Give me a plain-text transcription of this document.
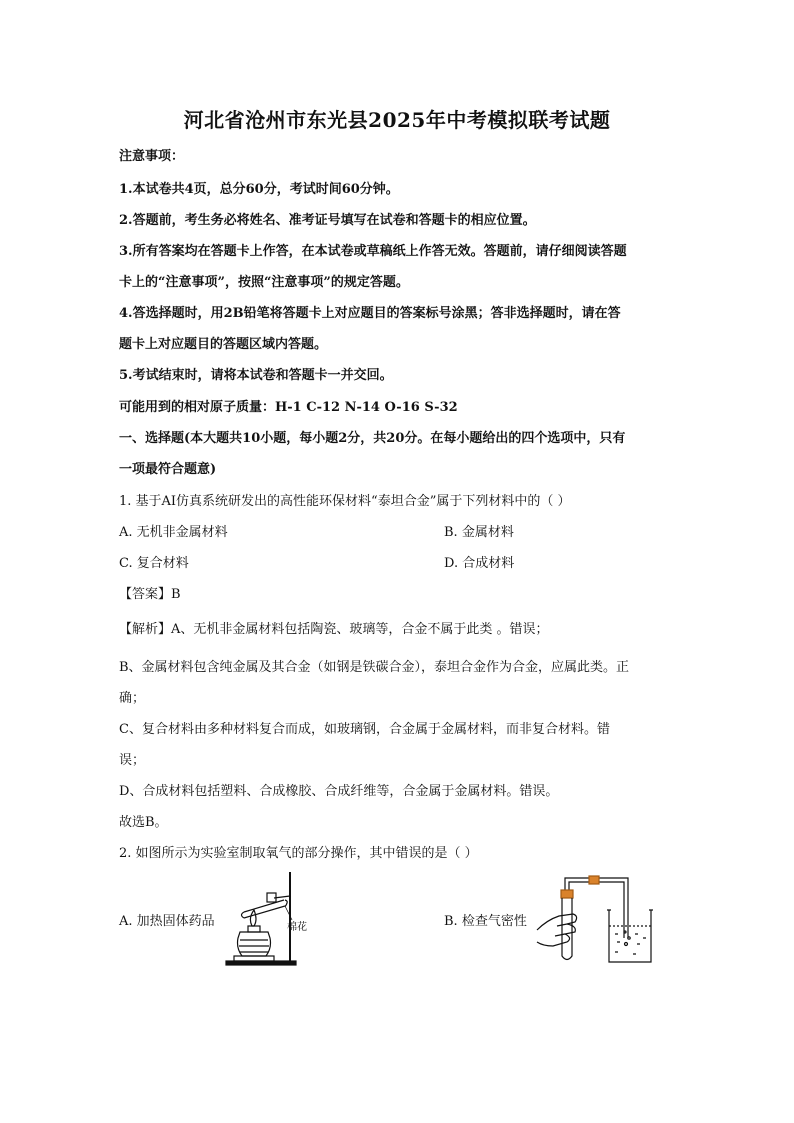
河北省沧州市东光县2025年中考模拟联考试题
注意事项：
1.本试卷共4页，总分60分，考试时间60分钟。
2.答题前，考生务必将姓名、准考证号填写在试卷和答题卡的相应位置。
3.所有答案均在答题卡上作答，在本试卷或草稿纸上作答无效。答题前，请仔细阅读答题
卡上的“注意事项”，按照“注意事项”的规定答题。
4.答选择题时，用2B铅笔将答题卡上对应题目的答案标号涂黑；答非选择题时，请在答
题卡上对应题目的答题区域内答题。
5.考试结束时，请将本试卷和答题卡一并交回。
可能用到的相对原子质量：H-1 C-12 N-14 O-16 S-32
一、选择题(本大题共10小题，每小题2分，共20分。在每小题给出的四个选项中，只有
一项最符合题意)
1. 基于AI仿真系统研发出的高性能环保材料“泰坦合金”属于下列材料中的（ ）
A. 无机非金属材料	B. 金属材料
C. 复合材料	D. 合成材料
【答案】B
【解析】A、无机非金属材料包括陶瓷、玻璃等，合金不属于此类 。错误；
B、金属材料包含纯金属及其合金（如钢是铁碳合金），泰坦合金作为合金，应属此类。正
确；
C、复合材料由多种材料复合而成，如玻璃钢，合金属于金属材料，而非复合材料。错
误；
D、合成材料包括塑料、合成橡胶、合成纤维等，合金属于金属材料。错误。
故选B。
2. 如图所示为实验室制取氧气的部分操作，其中错误的是（ ）
A. 加热固体药品	B. 检查气密性
棉花
